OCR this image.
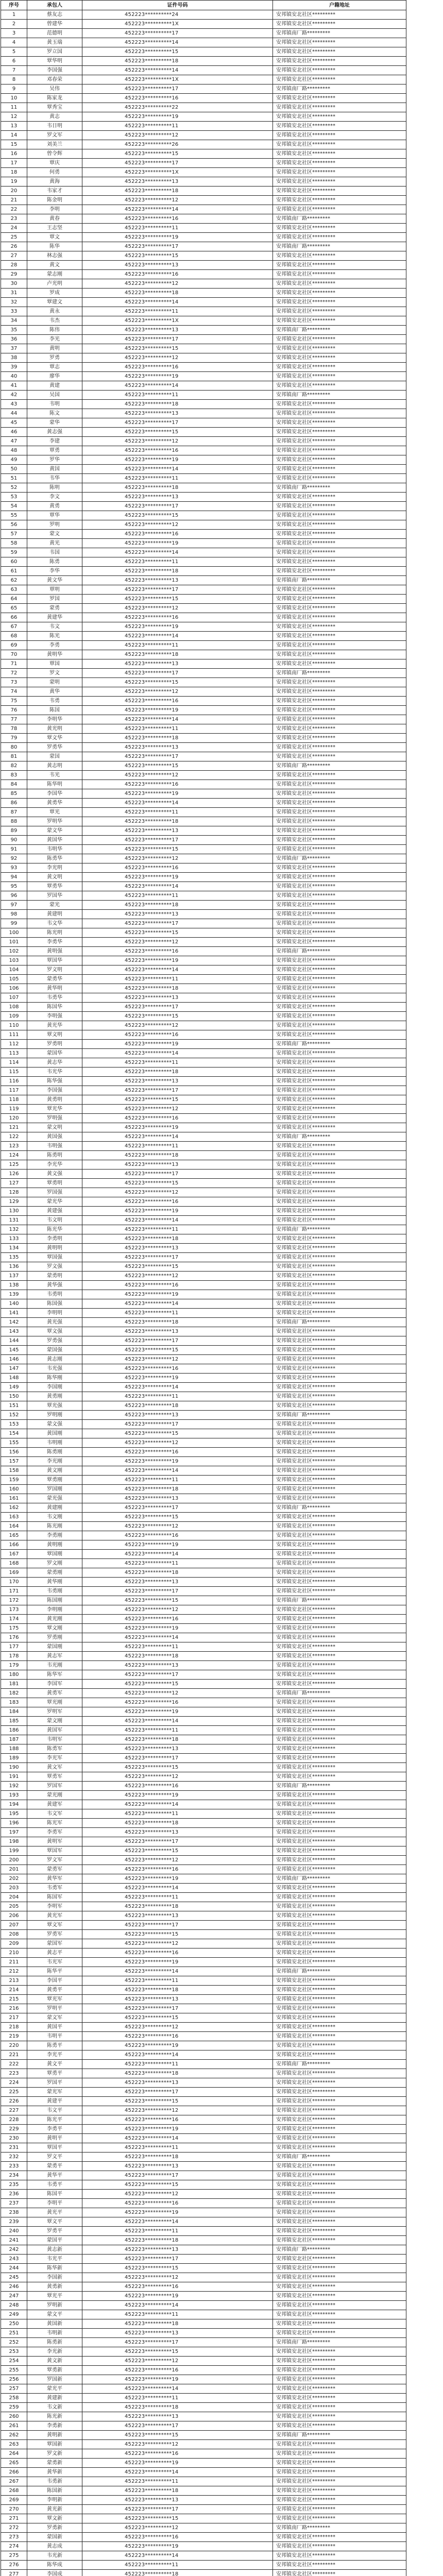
序号	承包人	证件号码	户籍地址
1	蔡友志	452223**********24	安邦镇安北社区*********
2	曾建华	452223**********1X	安邦镇安北社区*********
3	范德明	452223**********17	安邦镇南厂路*********
4	黄玉瑞	452223**********14	安邦镇安北社区*********
5	罗立国	452223**********15	安邦镇安北社区*********
6	覃华明	452223**********18	安邦镇安北社区*********
7	李国强	452223**********14	安邦镇安北社区*********
8	邓春荣	452223**********1X	安邦镇安北社区*********
9	吴伟	452223**********17	安邦镇南厂路*********
10	陈家龙	452223**********16	安邦镇安北社区*********
11	覃秀宝	452223**********22	安邦镇安北社区*********
12	黄志	452223**********19	安邦镇安北社区*********
13	韦日明	452223**********11	安邦镇安北社区*********
14	罗文军	452223**********12	安邦镇安北社区*********
15	刘美兰	452223**********26	安邦镇安北社区*********
16	曾令辉	452223**********15	安邦镇安北社区*********
17	覃庆	452223**********17	安邦镇安北社区*********
18	何勇	452223**********1X	安邦镇安北社区*********
19	黄海	452223**********13	安邦镇安北社区*********
20	韦家才	452223**********18	安邦镇安北社区*********
21	陈金明	452223**********12	安邦镇安北社区*********
22	李明	452223**********14	安邦镇安北社区*********
23	黄春	452223**********16	安邦镇南厂路*********
24	王志坚	452223**********11	安邦镇安北社区*********
25	覃文	452223**********19	安邦镇安北社区*********
26	陈华	452223**********17	安邦镇南厂路*********
27	林志强	452223**********15	安邦镇安北社区*********
28	黄文	452223**********13	安邦镇安北社区*********
29	蒙志刚	452223**********16	安邦镇安北社区*********
30	卢光明	452223**********12	安邦镇安北社区*********
31	罗成	452223**********18	安邦镇安北社区*********
32	覃建文	452223**********14	安邦镇安北社区*********
33	黄永	452223**********11	安邦镇安北社区*********
34	韦杰	452223**********1X	安邦镇安北社区*********
35	陈伟	452223**********13	安邦镇南厂路*********
36	李光	452223**********17	安邦镇安北社区*********
37	黄明	452223**********15	安邦镇安北社区*********
38	罗勇	452223**********12	安邦镇安北社区*********
39	覃志	452223**********16	安邦镇安北社区*********
40	廖华	452223**********19	安邦镇安北社区*********
41	黄建	452223**********14	安邦镇安北社区*********
42	吴国	452223**********11	安邦镇南厂路*********
43	韦明	452223**********18	安邦镇安北社区*********
44	陈文	452223**********13	安邦镇安北社区*********
45	蒙华	452223**********17	安邦镇安北社区*********
46	黄志强	452223**********15	安邦镇安北社区*********
47	李建	452223**********12	安邦镇安北社区*********
48	覃勇	452223**********16	安邦镇安北社区*********
49	罗华	452223**********19	安邦镇安北社区*********
50	黄国	452223**********14	安邦镇安北社区*********
51	韦华	452223**********11	安邦镇安北社区*********
52	陈明	452223**********18	安邦镇南厂路*********
53	李文	452223**********13	安邦镇安北社区*********
54	黄勇	452223**********17	安邦镇安北社区*********
55	覃华	452223**********15	安邦镇安北社区*********
56	罗明	452223**********12	安邦镇安北社区*********
57	蒙文	452223**********16	安邦镇安北社区*********
58	黄光	452223**********19	安邦镇安北社区*********
59	韦国	452223**********14	安邦镇安北社区*********
60	陈勇	452223**********11	安邦镇安北社区*********
61	李华	452223**********18	安邦镇安北社区*********
62	黄文华	452223**********13	安邦镇南厂路*********
63	覃明	452223**********17	安邦镇安北社区*********
64	罗国	452223**********15	安邦镇安北社区*********
65	蒙勇	452223**********12	安邦镇安北社区*********
66	黄建华	452223**********16	安邦镇安北社区*********
67	韦文	452223**********19	安邦镇安北社区*********
68	陈光	452223**********14	安邦镇安北社区*********
69	李勇	452223**********11	安邦镇安北社区*********
70	黄明华	452223**********18	安邦镇安北社区*********
71	覃国	452223**********13	安邦镇安北社区*********
72	罗文	452223**********17	安邦镇南厂路*********
73	蒙明	452223**********15	安邦镇安北社区*********
74	黄华	452223**********12	安邦镇安北社区*********
75	韦勇	452223**********16	安邦镇安北社区*********
76	陈国	452223**********19	安邦镇安北社区*********
77	李明华	452223**********14	安邦镇安北社区*********
78	黄光明	452223**********11	安邦镇安北社区*********
79	覃文华	452223**********18	安邦镇安北社区*********
80	罗勇华	452223**********13	安邦镇安北社区*********
81	蒙国	452223**********17	安邦镇安北社区*********
82	黄志明	452223**********15	安邦镇南厂路*********
83	韦光	452223**********12	安邦镇安北社区*********
84	陈华明	452223**********16	安邦镇安北社区*********
85	李国华	452223**********19	安邦镇安北社区*********
86	黄勇华	452223**********14	安邦镇安北社区*********
87	覃光	452223**********11	安邦镇安北社区*********
88	罗明华	452223**********18	安邦镇安北社区*********
89	蒙文华	452223**********13	安邦镇安北社区*********
90	黄国华	452223**********17	安邦镇安北社区*********
91	韦明华	452223**********15	安邦镇安北社区*********
92	陈勇华	452223**********12	安邦镇南厂路*********
93	李光明	452223**********16	安邦镇安北社区*********
94	黄文明	452223**********19	安邦镇安北社区*********
95	覃勇华	452223**********14	安邦镇安北社区*********
96	罗国华	452223**********11	安邦镇安北社区*********
97	蒙光	452223**********18	安邦镇安北社区*********
98	黄建明	452223**********13	安邦镇安北社区*********
99	韦文华	452223**********17	安邦镇安北社区*********
100	陈光明	452223**********15	安邦镇安北社区*********
101	李勇华	452223**********12	安邦镇安北社区*********
102	黄明强	452223**********16	安邦镇南厂路*********
103	覃国华	452223**********19	安邦镇安北社区*********
104	罗文明	452223**********14	安邦镇安北社区*********
105	蒙勇华	452223**********11	安邦镇安北社区*********
106	黄华明	452223**********18	安邦镇安北社区*********
107	韦勇华	452223**********13	安邦镇安北社区*********
108	陈国华	452223**********17	安邦镇安北社区*********
109	李明强	452223**********15	安邦镇安北社区*********
110	黄光华	452223**********12	安邦镇安北社区*********
111	覃文明	452223**********16	安邦镇安北社区*********
112	罗勇明	452223**********19	安邦镇南厂路*********
113	蒙国华	452223**********14	安邦镇安北社区*********
114	黄志华	452223**********11	安邦镇安北社区*********
115	韦光华	452223**********18	安邦镇安北社区*********
116	陈华强	452223**********13	安邦镇安北社区*********
117	李国强	452223**********17	安邦镇安北社区*********
118	黄勇明	452223**********15	安邦镇安北社区*********
119	覃光华	452223**********12	安邦镇安北社区*********
120	罗明强	452223**********16	安邦镇安北社区*********
121	蒙文明	452223**********19	安邦镇安北社区*********
122	黄国强	452223**********14	安邦镇南厂路*********
123	韦明强	452223**********11	安邦镇安北社区*********
124	陈勇明	452223**********18	安邦镇安北社区*********
125	李光华	452223**********13	安邦镇安北社区*********
126	黄文强	452223**********17	安邦镇安北社区*********
127	覃勇明	452223**********15	安邦镇安北社区*********
128	罗国强	452223**********12	安邦镇安北社区*********
129	蒙光华	452223**********16	安邦镇安北社区*********
130	黄建强	452223**********19	安邦镇安北社区*********
131	韦文明	452223**********14	安邦镇安北社区*********
132	陈光华	452223**********11	安邦镇南厂路*********
133	李勇明	452223**********18	安邦镇安北社区*********
134	黄明明	452223**********13	安邦镇安北社区*********
135	覃国强	452223**********17	安邦镇安北社区*********
136	罗文强	452223**********15	安邦镇安北社区*********
137	蒙勇明	452223**********12	安邦镇安北社区*********
138	黄华强	452223**********16	安邦镇安北社区*********
139	韦勇明	452223**********19	安邦镇安北社区*********
140	陈国强	452223**********14	安邦镇安北社区*********
141	李明明	452223**********11	安邦镇安北社区*********
142	黄光强	452223**********18	安邦镇南厂路*********
143	覃文强	452223**********13	安邦镇安北社区*********
144	罗勇强	452223**********17	安邦镇安北社区*********
145	蒙国强	452223**********15	安邦镇安北社区*********
146	黄志刚	452223**********12	安邦镇安北社区*********
147	韦光强	452223**********16	安邦镇安北社区*********
148	陈华刚	452223**********19	安邦镇安北社区*********
149	李国刚	452223**********14	安邦镇安北社区*********
150	黄勇刚	452223**********11	安邦镇安北社区*********
151	覃光强	452223**********18	安邦镇安北社区*********
152	罗明刚	452223**********13	安邦镇南厂路*********
153	蒙文强	452223**********17	安邦镇安北社区*********
154	黄国刚	452223**********15	安邦镇安北社区*********
155	韦明刚	452223**********12	安邦镇安北社区*********
156	陈勇刚	452223**********16	安邦镇安北社区*********
157	李光刚	452223**********19	安邦镇安北社区*********
158	黄文刚	452223**********14	安邦镇安北社区*********
159	覃勇刚	452223**********11	安邦镇安北社区*********
160	罗国刚	452223**********18	安邦镇安北社区*********
161	蒙光强	452223**********13	安邦镇安北社区*********
162	黄建刚	452223**********17	安邦镇南厂路*********
163	韦文刚	452223**********15	安邦镇安北社区*********
164	陈光刚	452223**********12	安邦镇安北社区*********
165	李勇刚	452223**********16	安邦镇安北社区*********
166	黄明刚	452223**********19	安邦镇安北社区*********
167	覃国刚	452223**********14	安邦镇安北社区*********
168	罗文刚	452223**********11	安邦镇安北社区*********
169	蒙勇刚	452223**********18	安邦镇安北社区*********
170	黄华刚	452223**********13	安邦镇安北社区*********
171	韦勇刚	452223**********17	安邦镇安北社区*********
172	陈国刚	452223**********15	安邦镇南厂路*********
173	李明刚	452223**********12	安邦镇安北社区*********
174	黄光刚	452223**********16	安邦镇安北社区*********
175	覃文刚	452223**********19	安邦镇安北社区*********
176	罗勇刚	452223**********14	安邦镇安北社区*********
177	蒙国刚	452223**********11	安邦镇安北社区*********
178	黄志军	452223**********18	安邦镇安北社区*********
179	韦光刚	452223**********13	安邦镇安北社区*********
180	陈华军	452223**********17	安邦镇安北社区*********
181	李国军	452223**********15	安邦镇安北社区*********
182	黄勇军	452223**********12	安邦镇南厂路*********
183	覃光刚	452223**********16	安邦镇安北社区*********
184	罗明军	452223**********19	安邦镇安北社区*********
185	蒙文刚	452223**********14	安邦镇安北社区*********
186	黄国军	452223**********11	安邦镇安北社区*********
187	韦明军	452223**********18	安邦镇安北社区*********
188	陈勇军	452223**********13	安邦镇安北社区*********
189	李光军	452223**********17	安邦镇安北社区*********
190	黄文军	452223**********15	安邦镇安北社区*********
191	覃勇军	452223**********12	安邦镇安北社区*********
192	罗国军	452223**********16	安邦镇南厂路*********
193	蒙光刚	452223**********19	安邦镇安北社区*********
194	黄建军	452223**********14	安邦镇安北社区*********
195	韦文军	452223**********11	安邦镇安北社区*********
196	陈光军	452223**********18	安邦镇安北社区*********
197	李勇军	452223**********13	安邦镇安北社区*********
198	黄明军	452223**********17	安邦镇安北社区*********
199	覃国军	452223**********15	安邦镇安北社区*********
200	罗文军	452223**********12	安邦镇安北社区*********
201	蒙勇军	452223**********16	安邦镇安北社区*********
202	黄华军	452223**********19	安邦镇南厂路*********
203	韦勇军	452223**********14	安邦镇安北社区*********
204	陈国军	452223**********11	安邦镇安北社区*********
205	李明军	452223**********18	安邦镇安北社区*********
206	黄光军	452223**********13	安邦镇安北社区*********
207	覃文军	452223**********17	安邦镇安北社区*********
208	罗勇军	452223**********15	安邦镇安北社区*********
209	蒙国军	452223**********12	安邦镇安北社区*********
210	黄志平	452223**********16	安邦镇安北社区*********
211	韦光军	452223**********19	安邦镇安北社区*********
212	陈华平	452223**********14	安邦镇南厂路*********
213	李国平	452223**********11	安邦镇安北社区*********
214	黄勇平	452223**********18	安邦镇安北社区*********
215	覃光军	452223**********13	安邦镇安北社区*********
216	罗明平	452223**********17	安邦镇安北社区*********
217	蒙文军	452223**********15	安邦镇安北社区*********
218	黄国平	452223**********12	安邦镇安北社区*********
219	韦明平	452223**********16	安邦镇安北社区*********
220	陈勇平	452223**********19	安邦镇安北社区*********
221	李光平	452223**********14	安邦镇安北社区*********
222	黄文平	452223**********11	安邦镇南厂路*********
223	覃勇平	452223**********18	安邦镇安北社区*********
224	罗国平	452223**********13	安邦镇安北社区*********
225	蒙光军	452223**********17	安邦镇安北社区*********
226	黄建平	452223**********15	安邦镇安北社区*********
227	韦文平	452223**********12	安邦镇安北社区*********
228	陈光平	452223**********16	安邦镇安北社区*********
229	李勇平	452223**********19	安邦镇安北社区*********
230	黄明平	452223**********14	安邦镇安北社区*********
231	覃国平	452223**********11	安邦镇安北社区*********
232	罗文平	452223**********18	安邦镇南厂路*********
233	蒙勇平	452223**********13	安邦镇安北社区*********
234	黄华平	452223**********17	安邦镇安北社区*********
235	韦勇平	452223**********15	安邦镇安北社区*********
236	陈国平	452223**********12	安邦镇安北社区*********
237	李明平	452223**********16	安邦镇安北社区*********
238	黄光平	452223**********19	安邦镇安北社区*********
239	覃文平	452223**********14	安邦镇安北社区*********
240	罗勇平	452223**********11	安邦镇安北社区*********
241	蒙国平	452223**********18	安邦镇安北社区*********
242	黄志新	452223**********13	安邦镇南厂路*********
243	韦光平	452223**********17	安邦镇安北社区*********
244	陈华新	452223**********15	安邦镇安北社区*********
245	李国新	452223**********12	安邦镇安北社区*********
246	黄勇新	452223**********16	安邦镇安北社区*********
247	覃光平	452223**********19	安邦镇安北社区*********
248	罗明新	452223**********14	安邦镇安北社区*********
249	蒙文平	452223**********11	安邦镇安北社区*********
250	黄国新	452223**********18	安邦镇安北社区*********
251	韦明新	452223**********13	安邦镇安北社区*********
252	陈勇新	452223**********17	安邦镇南厂路*********
253	李光新	452223**********15	安邦镇安北社区*********
254	黄文新	452223**********12	安邦镇安北社区*********
255	覃勇新	452223**********16	安邦镇安北社区*********
256	罗国新	452223**********19	安邦镇安北社区*********
257	蒙光平	452223**********14	安邦镇安北社区*********
258	黄建新	452223**********11	安邦镇安北社区*********
259	韦文新	452223**********18	安邦镇安北社区*********
260	陈光新	452223**********13	安邦镇安北社区*********
261	李勇新	452223**********17	安邦镇安北社区*********
262	黄明新	452223**********15	安邦镇南厂路*********
263	覃国新	452223**********12	安邦镇安北社区*********
264	罗文新	452223**********16	安邦镇安北社区*********
265	蒙勇新	452223**********19	安邦镇安北社区*********
266	黄华新	452223**********14	安邦镇安北社区*********
267	韦勇新	452223**********11	安邦镇安北社区*********
268	陈国新	452223**********18	安邦镇安北社区*********
269	李明新	452223**********13	安邦镇安北社区*********
270	黄光新	452223**********17	安邦镇安北社区*********
271	覃文新	452223**********15	安邦镇安北社区*********
272	罗勇新	452223**********12	安邦镇南厂路*********
273	蒙国新	452223**********16	安邦镇安北社区*********
274	黄志成	452223**********19	安邦镇安北社区*********
275	韦光新	452223**********14	安邦镇安北社区*********
276	陈华成	452223**********11	安邦镇安北社区*********
277	李国成	452223**********18	安邦镇安北社区*********
